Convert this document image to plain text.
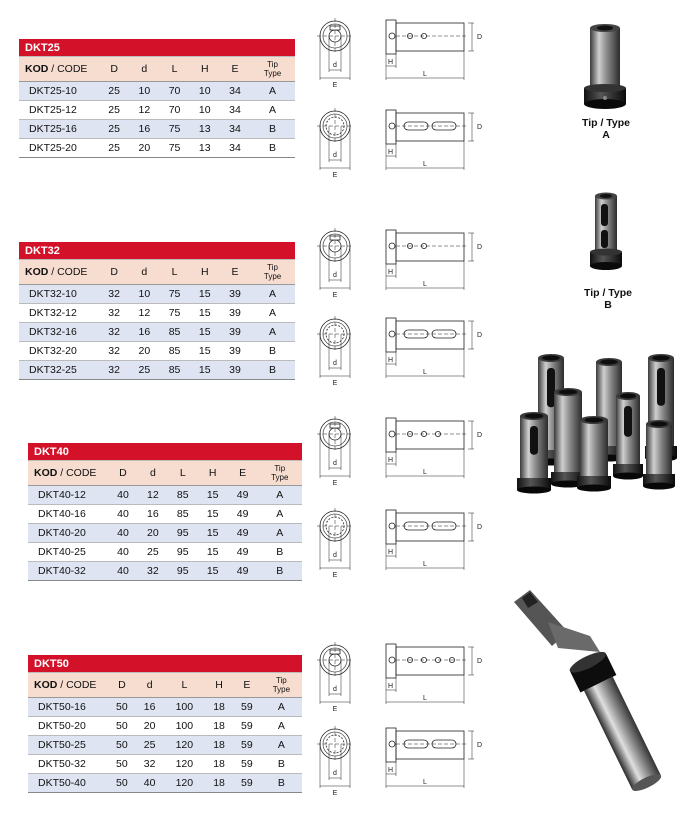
DKT25						
KOD / CODE	D	d	L	H	E	Tip
Type

DKT25-10	25	10	70	10	34	A
DKT25-12	25	12	70	10	34	A
DKT25-16	25	16	75	13	34	B
DKT25-20	25	20	75	13	34	B
DKT32						
KOD / CODE	D	d	L	H	E	Tip
Type

DKT32-10	32	10	75	15	39	A
DKT32-12	32	12	75	15	39	A
DKT32-16	32	16	85	15	39	A
DKT32-20	32	20	85	15	39	B
DKT32-25	32	25	85	15	39	B
DKT40						
KOD / CODE	D	d	L	H	E	Tip
Type

DKT40-12	40	12	85	15	49	A
DKT40-16	40	16	85	15	49	A
DKT40-20	40	20	95	15	49	A
DKT40-25	40	25	95	15	49	B
DKT40-32	40	32	95	15	49	B
DKT50						
KOD / CODE	D	d	L	H	E	Tip
Type

DKT50-16	50	16	100	18	59	A
DKT50-20	50	20	100	18	59	A
DKT50-25	50	25	120	18	59	A
DKT50-32	50	32	120	18	59	B
DKT50-40	50	40	120	18	59	B
d
E
D
H
L
d
E
D
H
L
d
E
D
H
L
d
E
D
H
L
d
E
D
H
L
d
E
D
H
L
d
E
D
H
L
d
E
D
H
L
Tip / Type
A
Tip / Type
B
